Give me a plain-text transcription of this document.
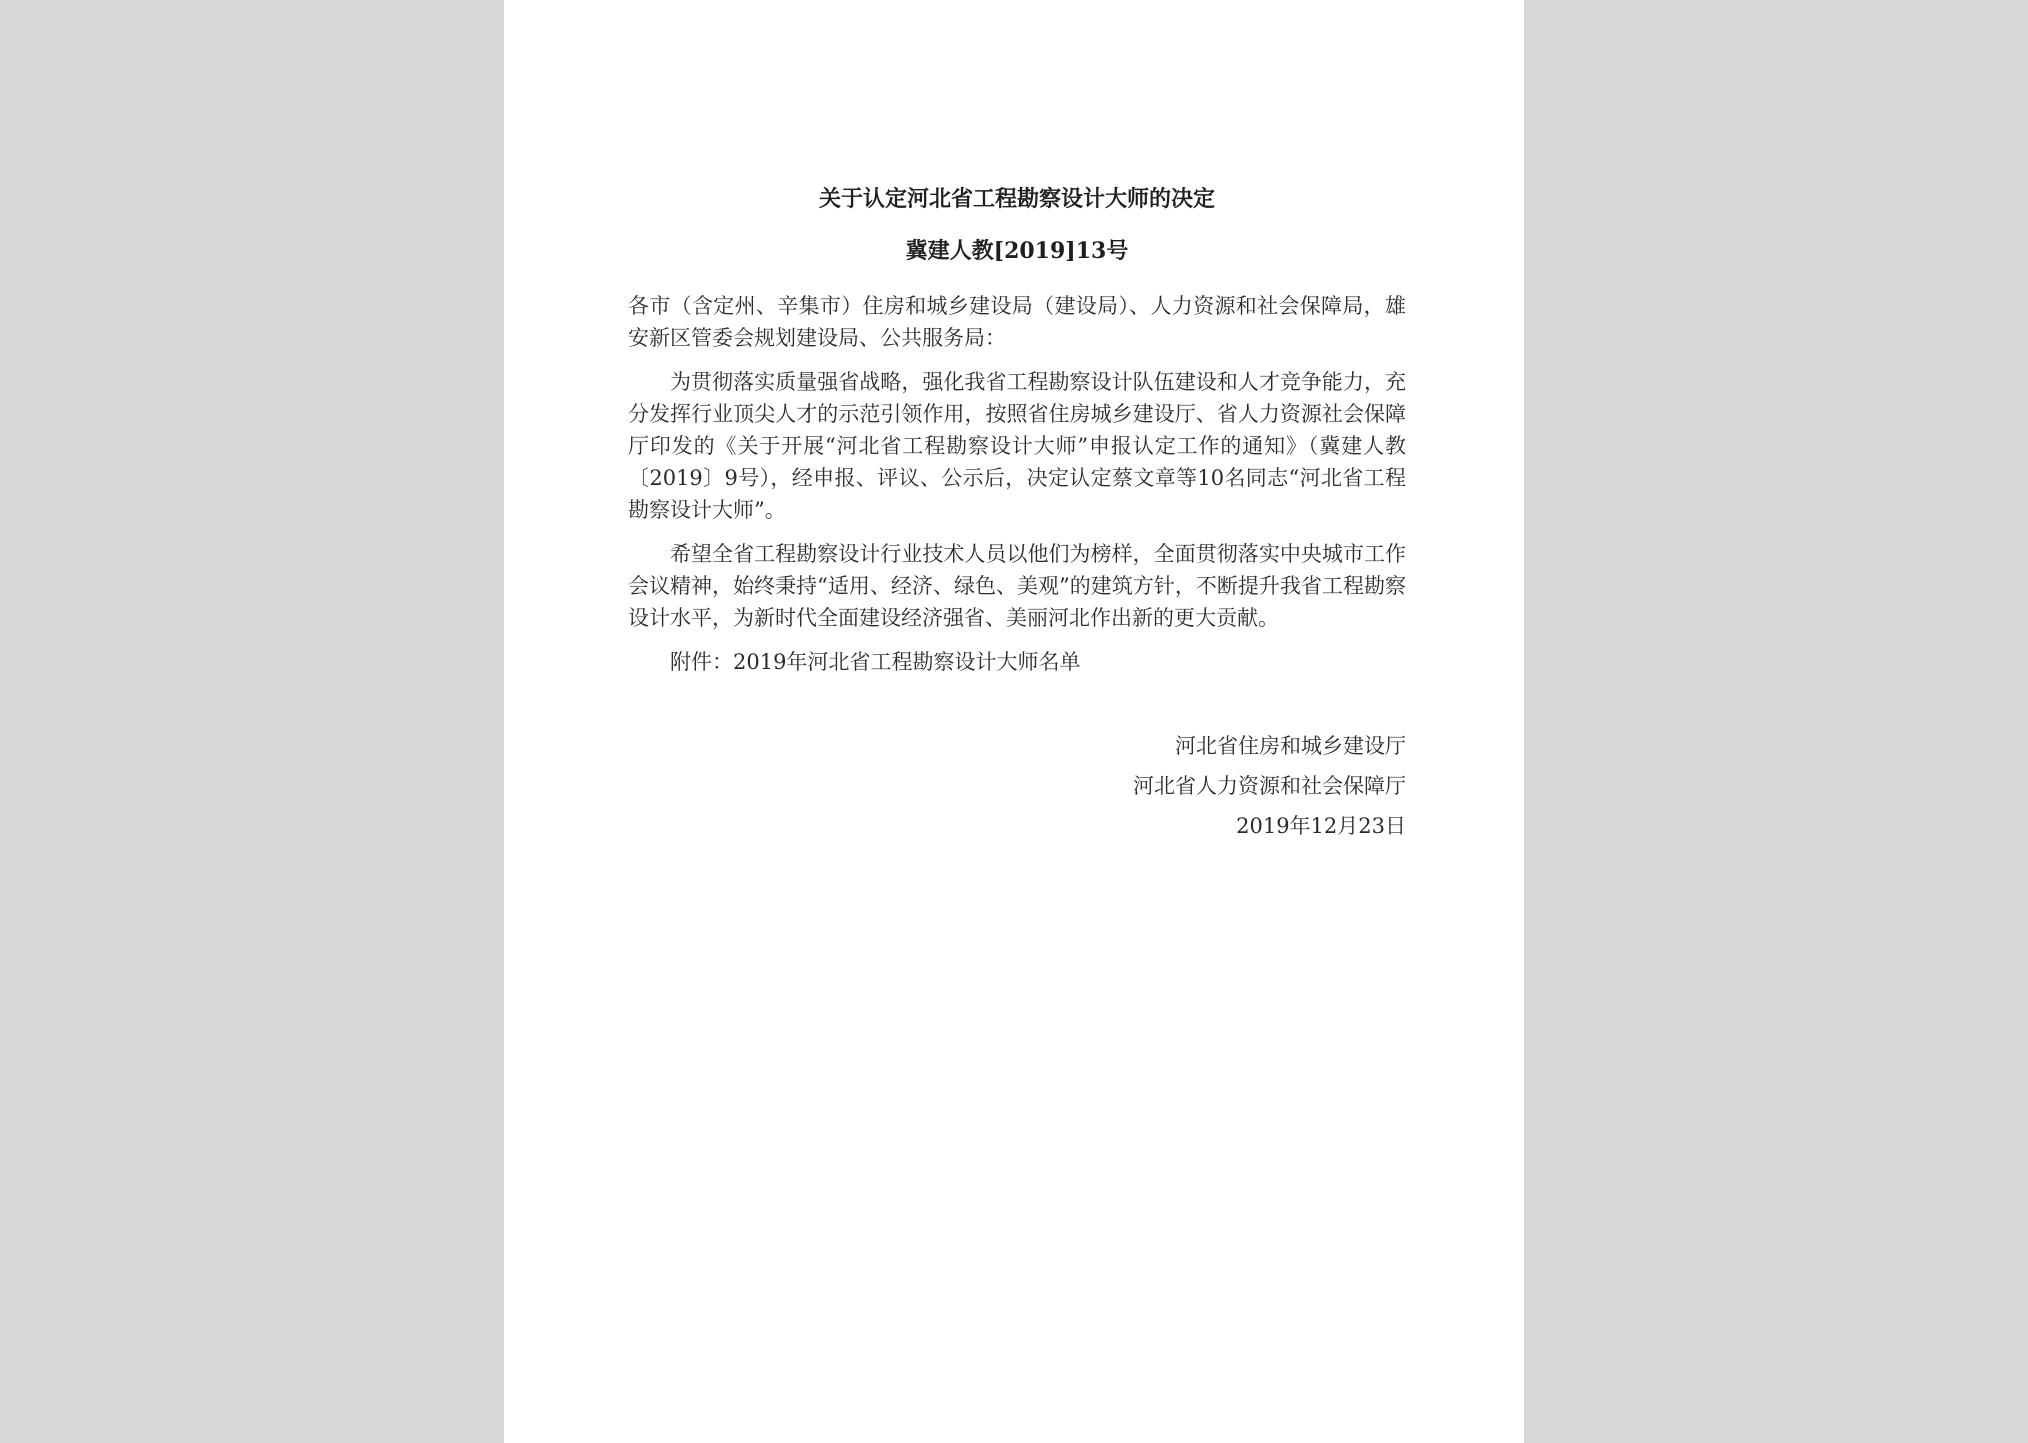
关于认定河北省工程勘察设计大师的决定
冀建人教[2019]13号

各市（含定州、辛集市）住房和城乡建设局（建设局）、人力资源和社会保障局，雄安新区管委会规划建设局、公共服务局：

为贯彻落实质量强省战略，强化我省工程勘察设计队伍建设和人才竞争能力，充分发挥行业顶尖人才的示范引领作用，按照省住房城乡建设厅、省人力资源社会保障厅印发的《关于开展“河北省工程勘察设计大师”申报认定工作的通知》（冀建人教〔2019〕9号），经申报、评议、公示后，决定认定蔡文章等10名同志“河北省工程勘察设计大师”。

希望全省工程勘察设计行业技术人员以他们为榜样，全面贯彻落实中央城市工作会议精神，始终秉持“适用、经济、绿色、美观”的建筑方针，不断提升我省工程勘察设计水平，为新时代全面建设经济强省、美丽河北作出新的更大贡献。

附件：2019年河北省工程勘察设计大师名单

河北省住房和城乡建设厅
河北省人力资源和社会保障厅
2019年12月23日
